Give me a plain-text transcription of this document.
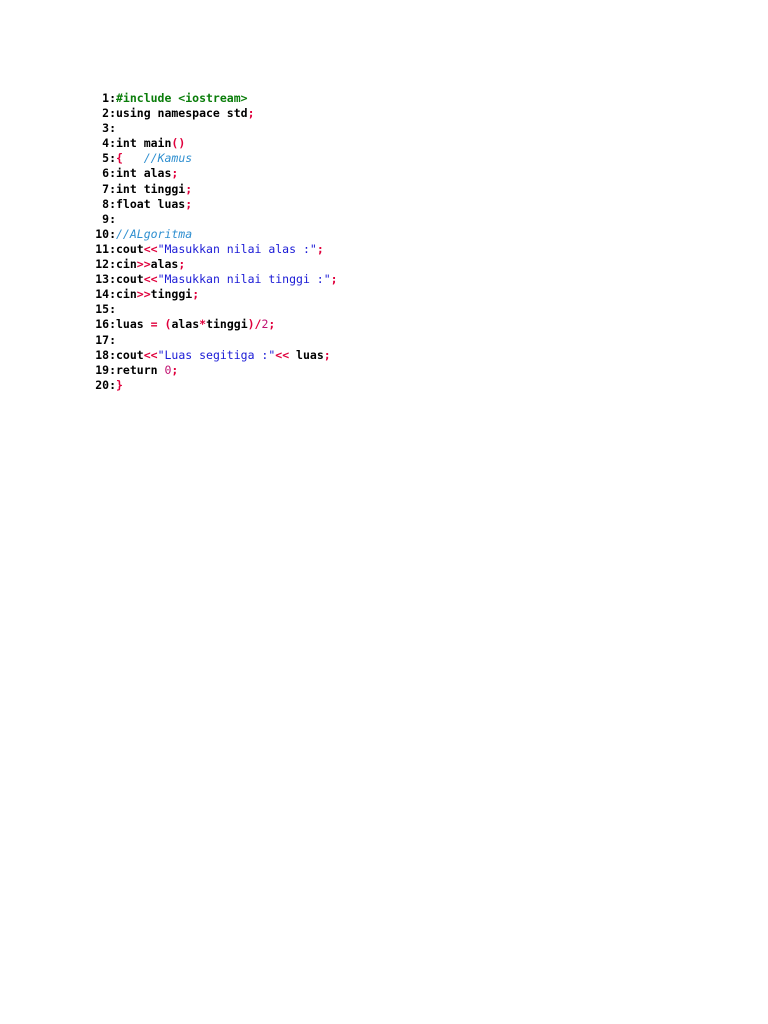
1: #include <iostream>
2: using namespace std;
3:
4: int main()
5: { //Kamus
6: int alas;
7: int tinggi;
8: float luas;
9:
10: //ALgoritma
11: cout<<"Masukkan nilai alas :";
12: cin>>alas;
13: cout<<"Masukkan nilai tinggi :";
14: cin>>tinggi;
15:
16: luas = (alas*tinggi)/2;
17:
18: cout<<"Luas segitiga :"<< luas;
19: return 0;
20: }
